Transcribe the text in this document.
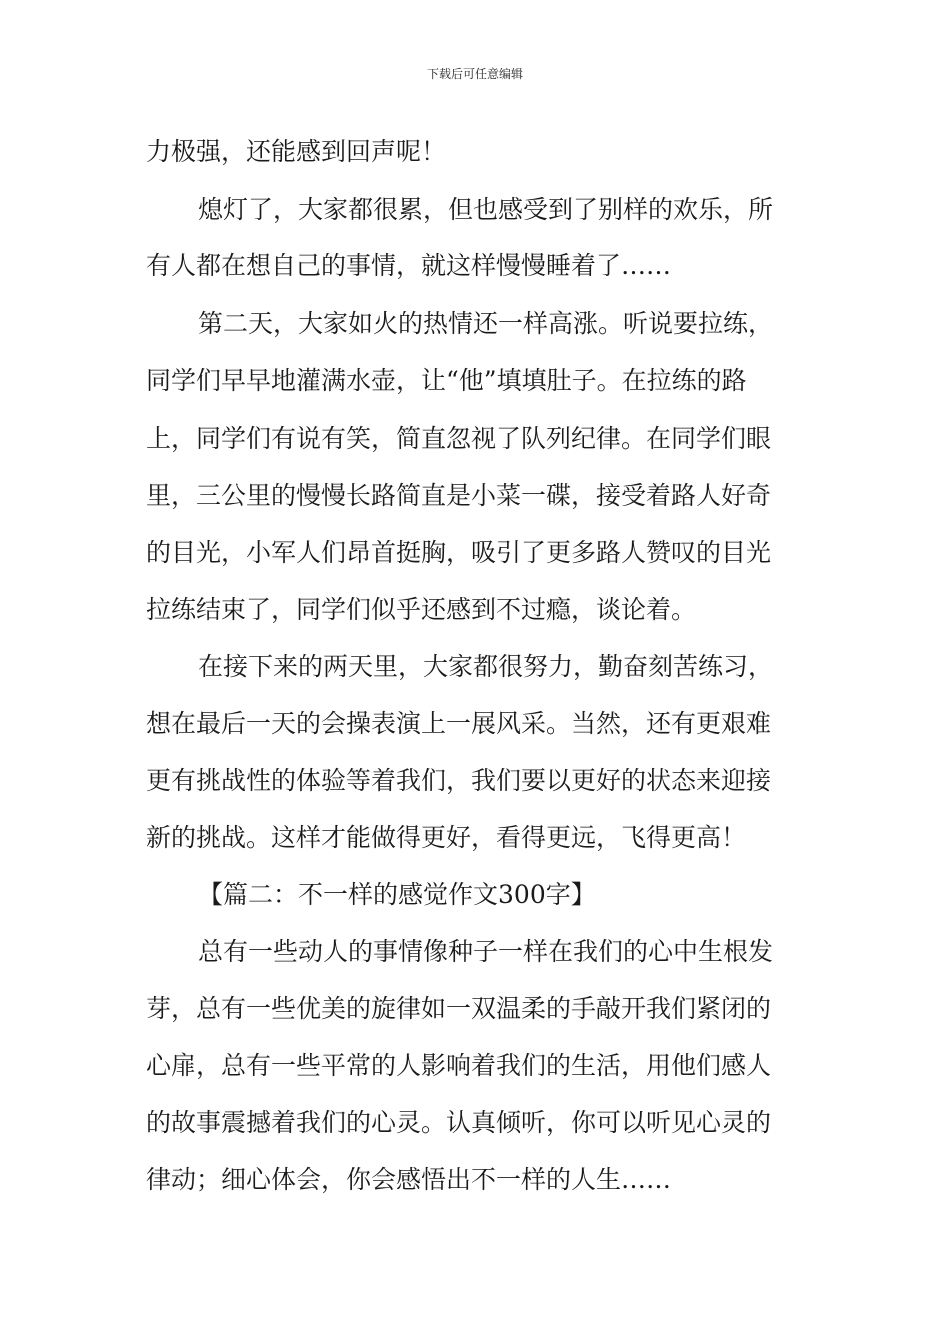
下载后可任意编辑
力极强，还能感到回声呢！
熄灯了，大家都很累，但也感受到了别样的欢乐，所
有人都在想自己的事情，就这样慢慢睡着了……
第二天，大家如火的热情还一样高涨。听说要拉练，
同学们早早地灌满水壶，让“他”填填肚子。在拉练的路
上，同学们有说有笑，简直忽视了队列纪律。在同学们眼
里，三公里的慢慢长路简直是小菜一碟，接受着路人好奇
的目光，小军人们昂首挺胸，吸引了更多路人赞叹的目光
拉练结束了，同学们似乎还感到不过瘾，谈论着。
在接下来的两天里，大家都很努力，勤奋刻苦练习，
想在最后一天的会操表演上一展风采。当然，还有更艰难
更有挑战性的体验等着我们，我们要以更好的状态来迎接
新的挑战。这样才能做得更好，看得更远，飞得更高！
【篇二：不一样的感觉作文300字】
总有一些动人的事情像种子一样在我们的心中生根发
芽，总有一些优美的旋律如一双温柔的手敲开我们紧闭的
心扉，总有一些平常的人影响着我们的生活，用他们感人
的故事震撼着我们的心灵。认真倾听，你可以听见心灵的
律动；细心体会，你会感悟出不一样的人生……
